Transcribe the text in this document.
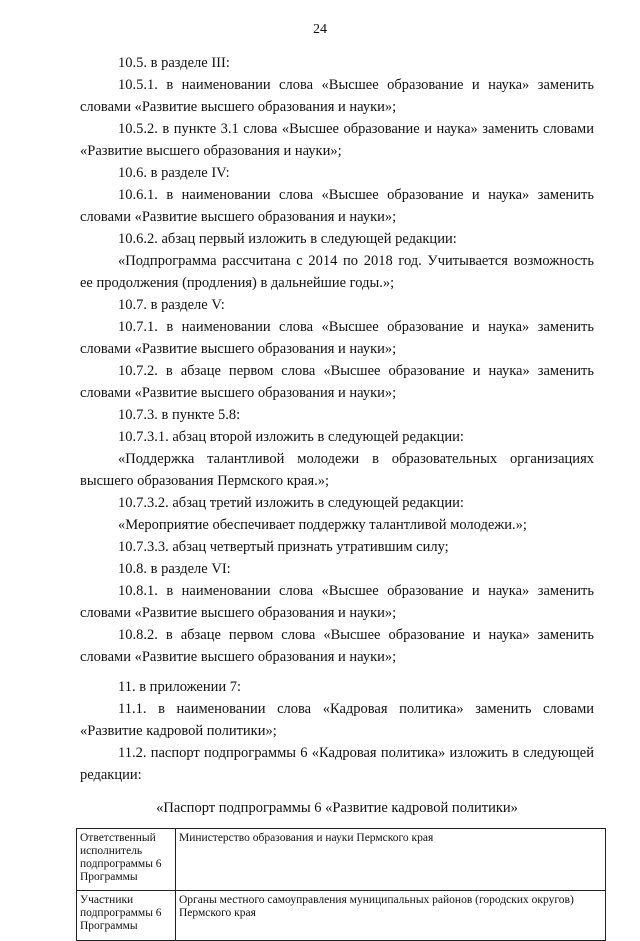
24

10.5. в разделе III:

10.5.1. в наименовании слова «Высшее образование и наука» заменить словами «Развитие высшего образования и науки»;

10.5.2. в пункте 3.1 слова «Высшее образование и наука» заменить словами «Развитие высшего образования и науки»;

10.6. в разделе IV:

10.6.1. в наименовании слова «Высшее образование и наука» заменить словами «Развитие высшего образования и науки»;

10.6.2. абзац первый изложить в следующей редакции:

«Подпрограмма рассчитана с 2014 по 2018 год. Учитывается возможность ее продолжения (продления) в дальнейшие годы.»;

10.7. в разделе V:

10.7.1. в наименовании слова «Высшее образование и наука» заменить словами «Развитие высшего образования и науки»;

10.7.2. в абзаце первом слова «Высшее образование и наука» заменить словами «Развитие высшего образования и науки»;

10.7.3. в пункте 5.8:

10.7.3.1. абзац второй изложить в следующей редакции:

«Поддержка талантливой молодежи в образовательных организациях высшего образования Пермского края.»;

10.7.3.2. абзац третий изложить в следующей редакции:

«Мероприятие обеспечивает поддержку талантливой молодежи.»;

10.7.3.3. абзац четвертый признать утратившим силу;

10.8. в разделе VI:

10.8.1. в наименовании слова «Высшее образование и наука» заменить словами «Развитие высшего образования и науки»;

10.8.2. в абзаце первом слова «Высшее образование и наука» заменить словами «Развитие высшего образования и науки»;

11. в приложении 7:

11.1. в наименовании слова «Кадровая политика» заменить словами «Развитие кадровой политики»;

11.2. паспорт подпрограммы 6 «Кадровая политика» изложить в следующей редакции:

«Паспорт подпрограммы 6 «Развитие кадровой политики»
Ответственный исполнитель подпрограммы 6 Программы	Министерство образования и науки Пермского края
Участники подпрограммы 6 Программы	Органы местного самоуправления муниципальных районов (городских округов) Пермского края
